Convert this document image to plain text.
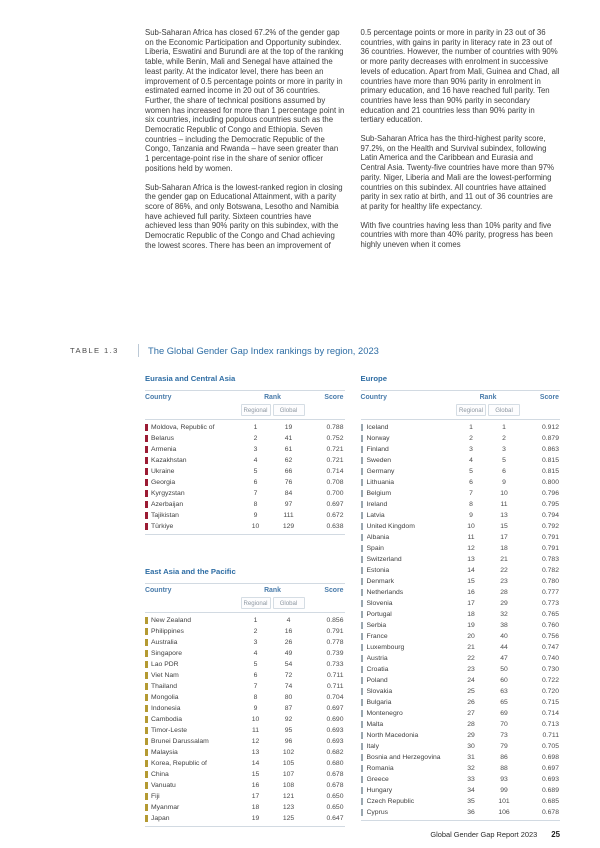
Sub-Saharan Africa has closed 67.2% of the gender gap on the Economic Participation and Opportunity subindex. Liberia, Eswatini and Burundi are at the top of the ranking table, while Benin, Mali and Senegal have attained the least parity. At the indicator level, there has been an improvement of 0.5 percentage points or more in parity in estimated earned income in 20 out of 36 countries. Further, the share of technical positions assumed by women has increased for more than 1 percentage point in six countries, including populous countries such as the Democratic Republic of Congo and Ethiopia. Seven countries – including the Democratic Republic of the Congo, Tanzania and Rwanda – have seen greater than 1 percentage-point rise in the share of senior officer positions held by women.

Sub-Saharan Africa is the lowest-ranked region in closing the gender gap on Educational Attainment, with a parity score of 86%, and only Botswana, Lesotho and Namibia have achieved full parity. Sixteen countries have achieved less than 90% parity on this subindex, with the Democratic Republic of the Congo and Chad achieving the lowest scores. There has been an improvement of

0.5 percentage points or more in parity in 23 out of 36 countries, with gains in parity in literacy rate in 23 out of 36 countries. However, the number of countries with 90% or more parity decreases with enrolment in successive levels of education. Apart from Mali, Guinea and Chad, all countries have more than 90% parity in enrolment in primary education, and 16 have reached full parity. Ten countries have less than 90% parity in secondary education and 21 countries less than 90% parity in tertiary education.

Sub-Saharan Africa has the third-highest parity score, 97.2%, on the Health and Survival subindex, following Latin America and the Caribbean and Eurasia and Central Asia. Twenty-five countries have more than 97% parity. Niger, Liberia and Mali are the lowest-performing countries on this subindex. All countries have attained parity in sex ratio at birth, and 11 out of 36 countries are at parity for healthy life expectancy.

With five countries having less than 10% parity and five countries with more than 40% parity, progress has been highly uneven when it comes

TABLE 1.3	The Global Gender Gap Index rankings by region, 2023
Eurasia and Central Asia
Country	Rank	Score
Regional	Global
Moldova, Republic of	1	19	0.788
Belarus	2	41	0.752
Armenia	3	61	0.721
Kazakhstan	4	62	0.721
Ukraine	5	66	0.714
Georgia	6	76	0.708
Kyrgyzstan	7	84	0.700
Azerbaijan	8	97	0.697
Tajikistan	9	111	0.672
Türkiye	10	129	0.638
East Asia and the Pacific
Country	Rank	Score
Regional	Global
New Zealand	1	4	0.856
Philippines	2	16	0.791
Australia	3	26	0.778
Singapore	4	49	0.739
Lao PDR	5	54	0.733
Viet Nam	6	72	0.711
Thailand	7	74	0.711
Mongolia	8	80	0.704
Indonesia	9	87	0.697
Cambodia	10	92	0.690
Timor-Leste	11	95	0.693
Brunei Darussalam	12	96	0.693
Malaysia	13	102	0.682
Korea, Republic of	14	105	0.680
China	15	107	0.678
Vanuatu	16	108	0.678
Fiji	17	121	0.650
Myanmar	18	123	0.650
Japan	19	125	0.647
Europe
Country	Rank	Score
Regional	Global
Iceland	1	1	0.912
Norway	2	2	0.879
Finland	3	3	0.863
Sweden	4	5	0.815
Germany	5	6	0.815
Lithuania	6	9	0.800
Belgium	7	10	0.796
Ireland	8	11	0.795
Latvia	9	13	0.794
United Kingdom	10	15	0.792
Albania	11	17	0.791
Spain	12	18	0.791
Switzerland	13	21	0.783
Estonia	14	22	0.782
Denmark	15	23	0.780
Netherlands	16	28	0.777
Slovenia	17	29	0.773
Portugal	18	32	0.765
Serbia	19	38	0.760
France	20	40	0.756
Luxembourg	21	44	0.747
Austria	22	47	0.740
Croatia	23	50	0.730
Poland	24	60	0.722
Slovakia	25	63	0.720
Bulgaria	26	65	0.715
Montenegro	27	69	0.714
Malta	28	70	0.713
North Macedonia	29	73	0.711
Italy	30	79	0.705
Bosnia and Herzegovina	31	86	0.698
Romania	32	88	0.697
Greece	33	93	0.693
Hungary	34	99	0.689
Czech Republic	35	101	0.685
Cyprus	36	106	0.678
Global Gender Gap Report 2023 25
